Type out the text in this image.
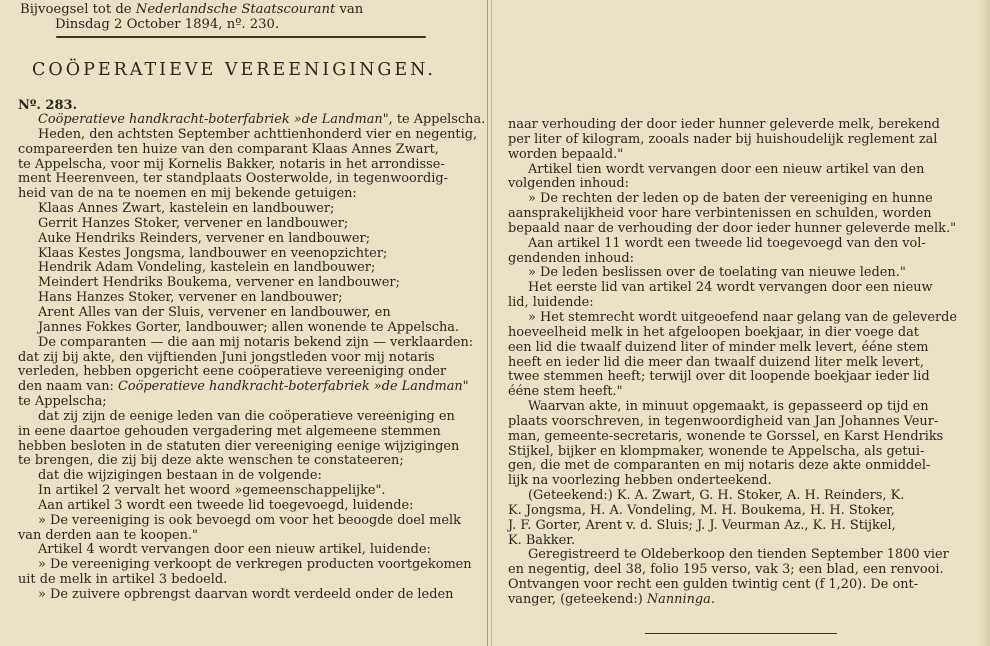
Bijvoegsel tot de Nederlandsche Staatscourant van
Dinsdag 2 October 1894, nº. 230.
COÖPERATIEVE VEREENIGINGEN.
Nº. 283.
Coöperatieve handkracht-boterfabriek »de Landman", te Appelscha.
Heden, den achtsten September achttienhonderd vier en negentig,
compareerden ten huize van den comparant Klaas Annes Zwart,
te Appelscha, voor mij Kornelis Bakker, notaris in het arrondisse-
ment Heerenveen, ter standplaats Oosterwolde, in tegenwoordig-
heid van de na te noemen en mij bekende getuigen:
Klaas Annes Zwart, kastelein en landbouwer;
Gerrit Hanzes Stoker, vervener en landbouwer;
Auke Hendriks Reinders, vervener en landbouwer;
Klaas Kestes Jongsma, landbouwer en veenopzichter;
Hendrik Adam Vondeling, kastelein en landbouwer;
Meindert Hendriks Boukema, vervener en landbouwer;
Hans Hanzes Stoker, vervener en landbouwer;
Arent Alles van der Sluis, vervener en landbouwer, en
Jannes Fokkes Gorter, landbouwer; allen wonende te Appelscha.
De comparanten — die aan mij notaris bekend zijn — verklaarden:
dat zij bij akte, den vijftienden Juni jongstleden voor mij notaris
verleden, hebben opgericht eene coöperatieve vereeniging onder
den naam van: Coöperatieve handkracht-boterfabriek »de Landman"
te Appelscha;
dat zij zijn de eenige leden van die coöperatieve vereeniging en
in eene daartoe gehouden vergadering met algemeene stemmen
hebben besloten in de statuten dier vereeniging eenige wijzigingen
te brengen, die zij bij deze akte wenschen te constateeren;
dat die wijzigingen bestaan in de volgende:
In artikel 2 vervalt het woord »gemeenschappelijke".
Aan artikel 3 wordt een tweede lid toegevoegd, luidende:
» De vereeniging is ook bevoegd om voor het beoogde doel melk
van derden aan te koopen."
Artikel 4 wordt vervangen door een nieuw artikel, luidende:
» De vereeniging verkoopt de verkregen producten voortgekomen
uit de melk in artikel 3 bedoeld.
» De zuivere opbrengst daarvan wordt verdeeld onder de leden
naar verhouding der door ieder hunner geleverde melk, berekend
per liter of kilogram, zooals nader bij huishoudelijk reglement zal
worden bepaald."
Artikel tien wordt vervangen door een nieuw artikel van den
volgenden inhoud:
» De rechten der leden op de baten der vereeniging en hunne
aansprakelijkheid voor hare verbintenissen en schulden, worden
bepaald naar de verhouding der door ieder hunner geleverde melk."
Aan artikel 11 wordt een tweede lid toegevoegd van den vol-
gendenden inhoud:
» De leden beslissen over de toelating van nieuwe leden."
Het eerste lid van artikel 24 wordt vervangen door een nieuw
lid, luidende:
» Het stemrecht wordt uitgeoefend naar gelang van de geleverde
hoeveelheid melk in het afgeloopen boekjaar, in dier voege dat
een lid die twaalf duizend liter of minder melk levert, ééne stem
heeft en ieder lid die meer dan twaalf duizend liter melk levert,
twee stemmen heeft; terwijl over dit loopende boekjaar ieder lid
ééne stem heeft."
Waarvan akte, in minuut opgemaakt, is gepasseerd op tijd en
plaats voorschreven, in tegenwoordigheid van Jan Johannes Veur-
man, gemeente-secretaris, wonende te Gorssel, en Karst Hendriks
Stijkel, bijker en klompmaker, wonende te Appelscha, als getui-
gen, die met de comparanten en mij notaris deze akte onmiddel-
lijk na voorlezing hebben onderteekend.
(Geteekend:) K. A. Zwart, G. H. Stoker, A. H. Reinders, K.
K. Jongsma, H. A. Vondeling, M. H. Boukema, H. H. Stoker,
J. F. Gorter, Arent v. d. Sluis; J. J. Veurman Az., K. H. Stijkel,
K. Bakker.
Geregistreerd te Oldeberkoop den tienden September 1800 vier
en negentig, deel 38, folio 195 verso, vak 3; een blad, een renvooi.
Ontvangen voor recht een gulden twintig cent (f 1,20). De ont-
vanger, (geteekend:) Nanninga.
